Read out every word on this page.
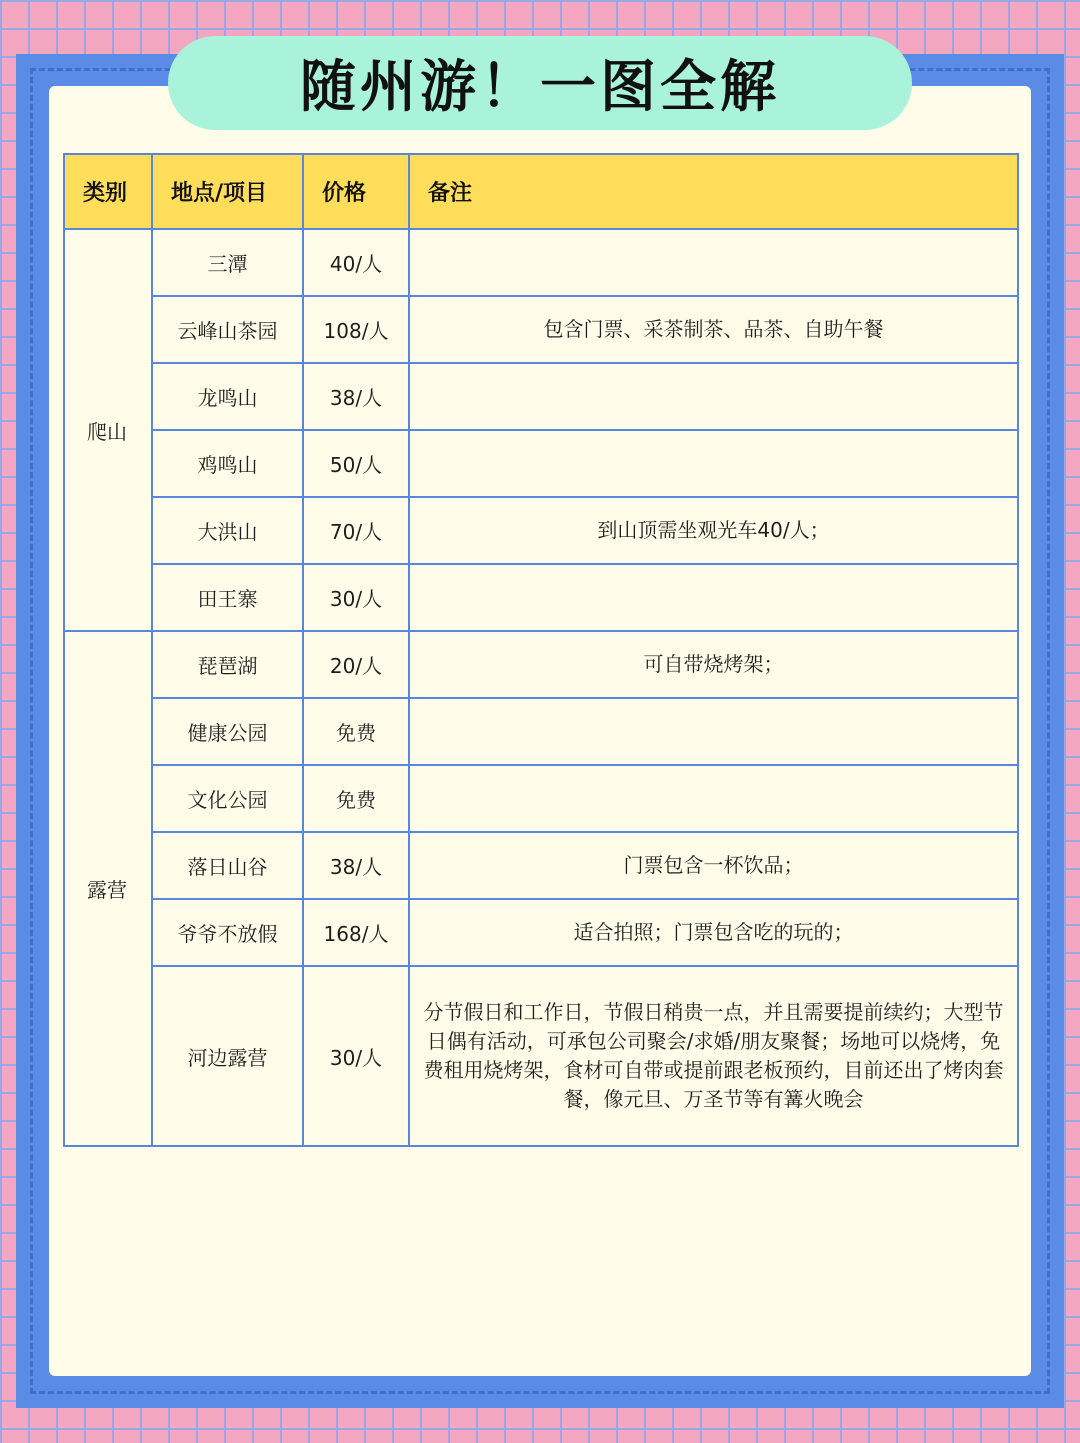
随州游！一图全解
类别	地点/项目	价格	备注
爬山	三潭	40/人	
	云峰山茶园	108/人	包含门票、采茶制茶、品茶、自助午餐
	龙鸣山	38/人	
	鸡鸣山	50/人	
	大洪山	70/人	到山顶需坐观光车40/人；
	田王寨	30/人	
露营	琵琶湖	20/人	可自带烧烤架；
	健康公园	免费	
	文化公园	免费	
	落日山谷	38/人	门票包含一杯饮品；
	爷爷不放假	168/人	适合拍照；门票包含吃的玩的；
	河边露营	30/人	分节假日和工作日，节假日稍贵一点，并且需要提前续约；大型节日偶有活动，可承包公司聚会/求婚/朋友聚餐；场地可以烧烤，免费租用烧烤架，食材可自带或提前跟老板预约，目前还出了烤肉套餐，像元旦、万圣节等有篝火晚会
